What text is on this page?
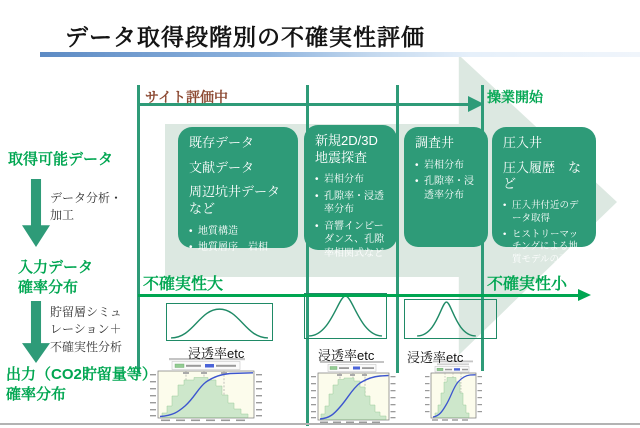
データ取得段階別の不確実性評価
サイト評価中	操業開始
取得可能データ
データ分析・加工
入力データ
確率分布
貯留層シミュ
レーション＋
不確実性分析
出力（CO2貯留量等）
確率分布
既存データ
文献データ
周辺坑井データなど
• 地質構造
• 地質層序　岩相
新規2D/3D
地震探査
• 岩相分布
• 孔隙率・浸透率分布
• 音響インピーダンス、孔隙率相関式など
調査井
• 岩相分布
• 孔隙率・浸透率分布
圧入井
圧入履歴　など
• 圧入井付近のデータ取得
• ヒストリーマッチングによる地質モデルの更新
不確実性大	不確実性小
浸透率etc	浸透率etc	浸透率etc
